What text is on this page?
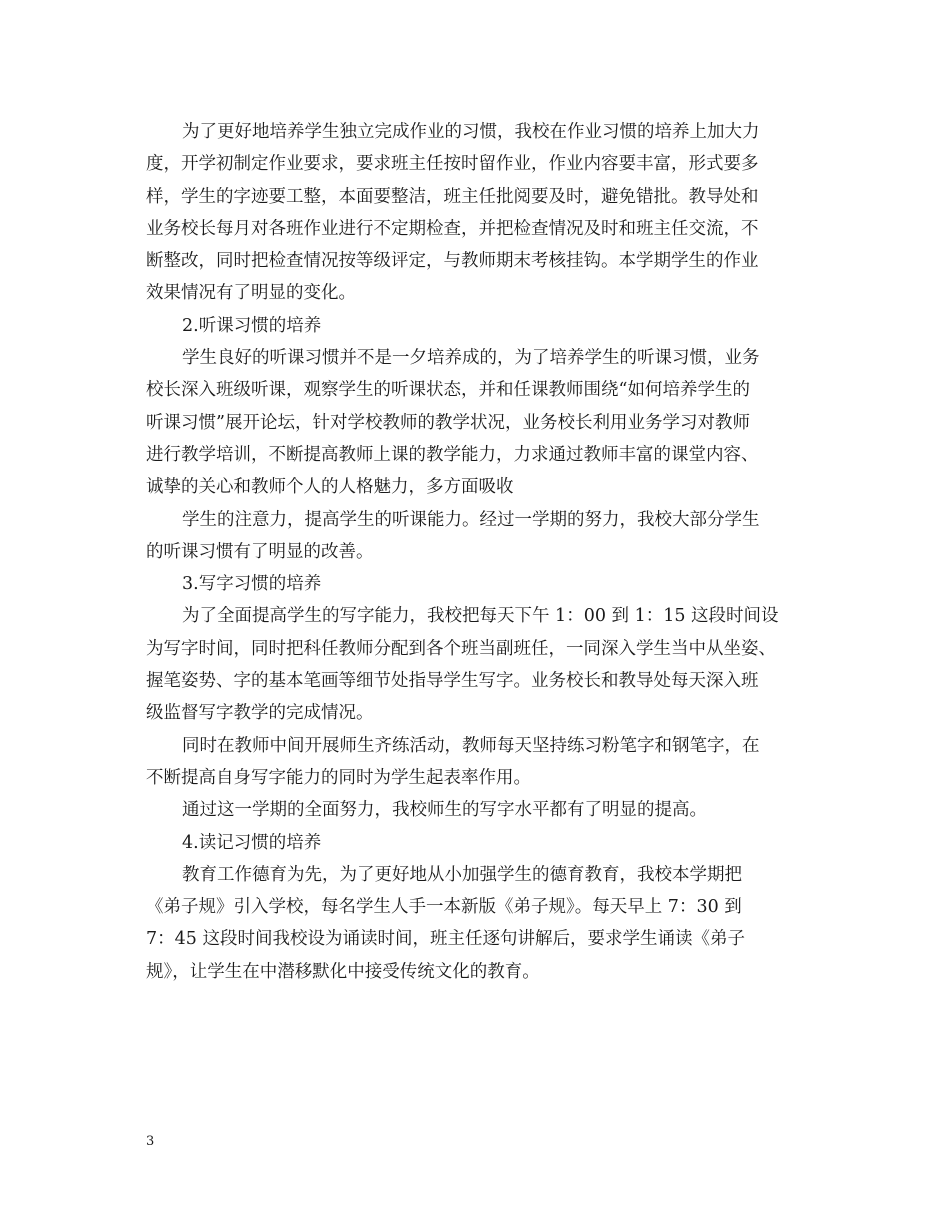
为了更好地培养学生独立完成作业的习惯，我校在作业习惯的培养上加大力
度，开学初制定作业要求，要求班主任按时留作业，作业内容要丰富，形式要多
样，学生的字迹要工整，本面要整洁，班主任批阅要及时，避免错批。教导处和
业务校长每月对各班作业进行不定期检查，并把检查情况及时和班主任交流，不
断整改，同时把检查情况按等级评定，与教师期末考核挂钩。本学期学生的作业
效果情况有了明显的变化。
2.听课习惯的培养
学生良好的听课习惯并不是一夕培养成的，为了培养学生的听课习惯，业务
校长深入班级听课，观察学生的听课状态，并和任课教师围绕“如何培养学生的
听课习惯”展开论坛，针对学校教师的教学状况，业务校长利用业务学习对教师
进行教学培训，不断提高教师上课的教学能力，力求通过教师丰富的课堂内容、
诚挚的关心和教师个人的人格魅力，多方面吸收
学生的注意力，提高学生的听课能力。经过一学期的努力，我校大部分学生
的听课习惯有了明显的改善。
3.写字习惯的培养
为了全面提高学生的写字能力，我校把每天下午 1：00 到 1：15 这段时间设
为写字时间，同时把科任教师分配到各个班当副班任，一同深入学生当中从坐姿、
握笔姿势、字的基本笔画等细节处指导学生写字。业务校长和教导处每天深入班
级监督写字教学的完成情况。
同时在教师中间开展师生齐练活动，教师每天坚持练习粉笔字和钢笔字，在
不断提高自身写字能力的同时为学生起表率作用。
通过这一学期的全面努力，我校师生的写字水平都有了明显的提高。
4.读记习惯的培养
教育工作德育为先，为了更好地从小加强学生的德育教育，我校本学期把
《弟子规》引入学校，每名学生人手一本新版《弟子规》。每天早上 7：30 到
7：45 这段时间我校设为诵读时间，班主任逐句讲解后，要求学生诵读《弟子
规》，让学生在中潜移默化中接受传统文化的教育。
3
